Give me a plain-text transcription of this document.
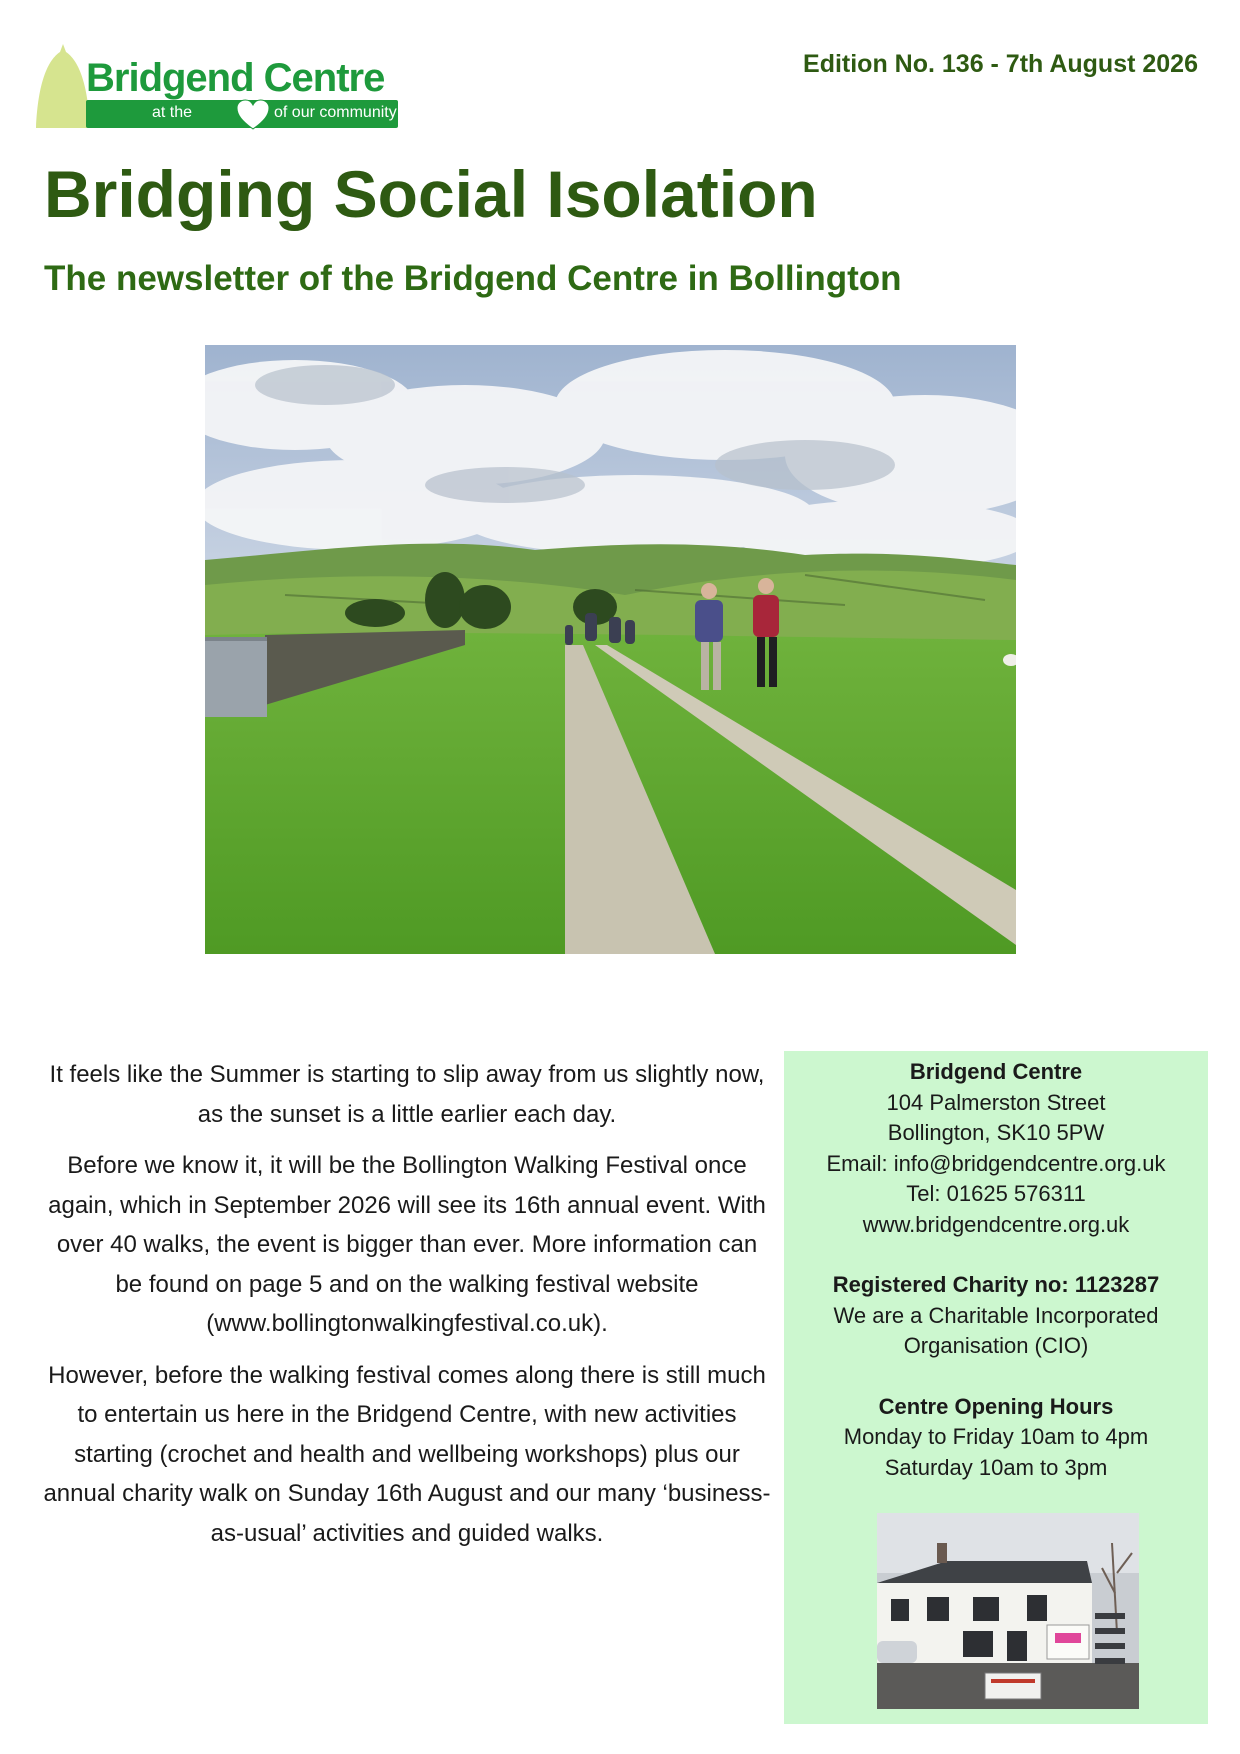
Bridgend Centre
at the	of our community
Edition No. 136 - 7th August 2026
Bridging Social Isolation
The newsletter of the Bridgend Centre in Bollington

It feels like the Summer is starting to slip away from us slightly now, as the sunset is a little earlier each day.

Before we know it, it will be the Bollington Walking Festival once again, which in September 2026 will see its 16th annual event. With over 40 walks, the event is bigger than ever. More information can be found on page 5 and on the walking festival website (www.bollingtonwalkingfestival.co.uk).

However, before the walking festival comes along there is still much to entertain us here in the Bridgend Centre, with new activities starting (crochet and health and wellbeing workshops) plus our annual charity walk on Sunday 16th August and our many ‘business-as-usual’ activities and guided walks.

Bridgend Centre
104 Palmerston Street
Bollington, SK10 5PW
Email: info@bridgendcentre.org.uk
Tel: 01625 576311
www.bridgendcentre.org.uk
Registered Charity no: 1123287
We are a Charitable Incorporated
Organisation (CIO)
Centre Opening Hours
Monday to Friday 10am to 4pm
Saturday 10am to 3pm
